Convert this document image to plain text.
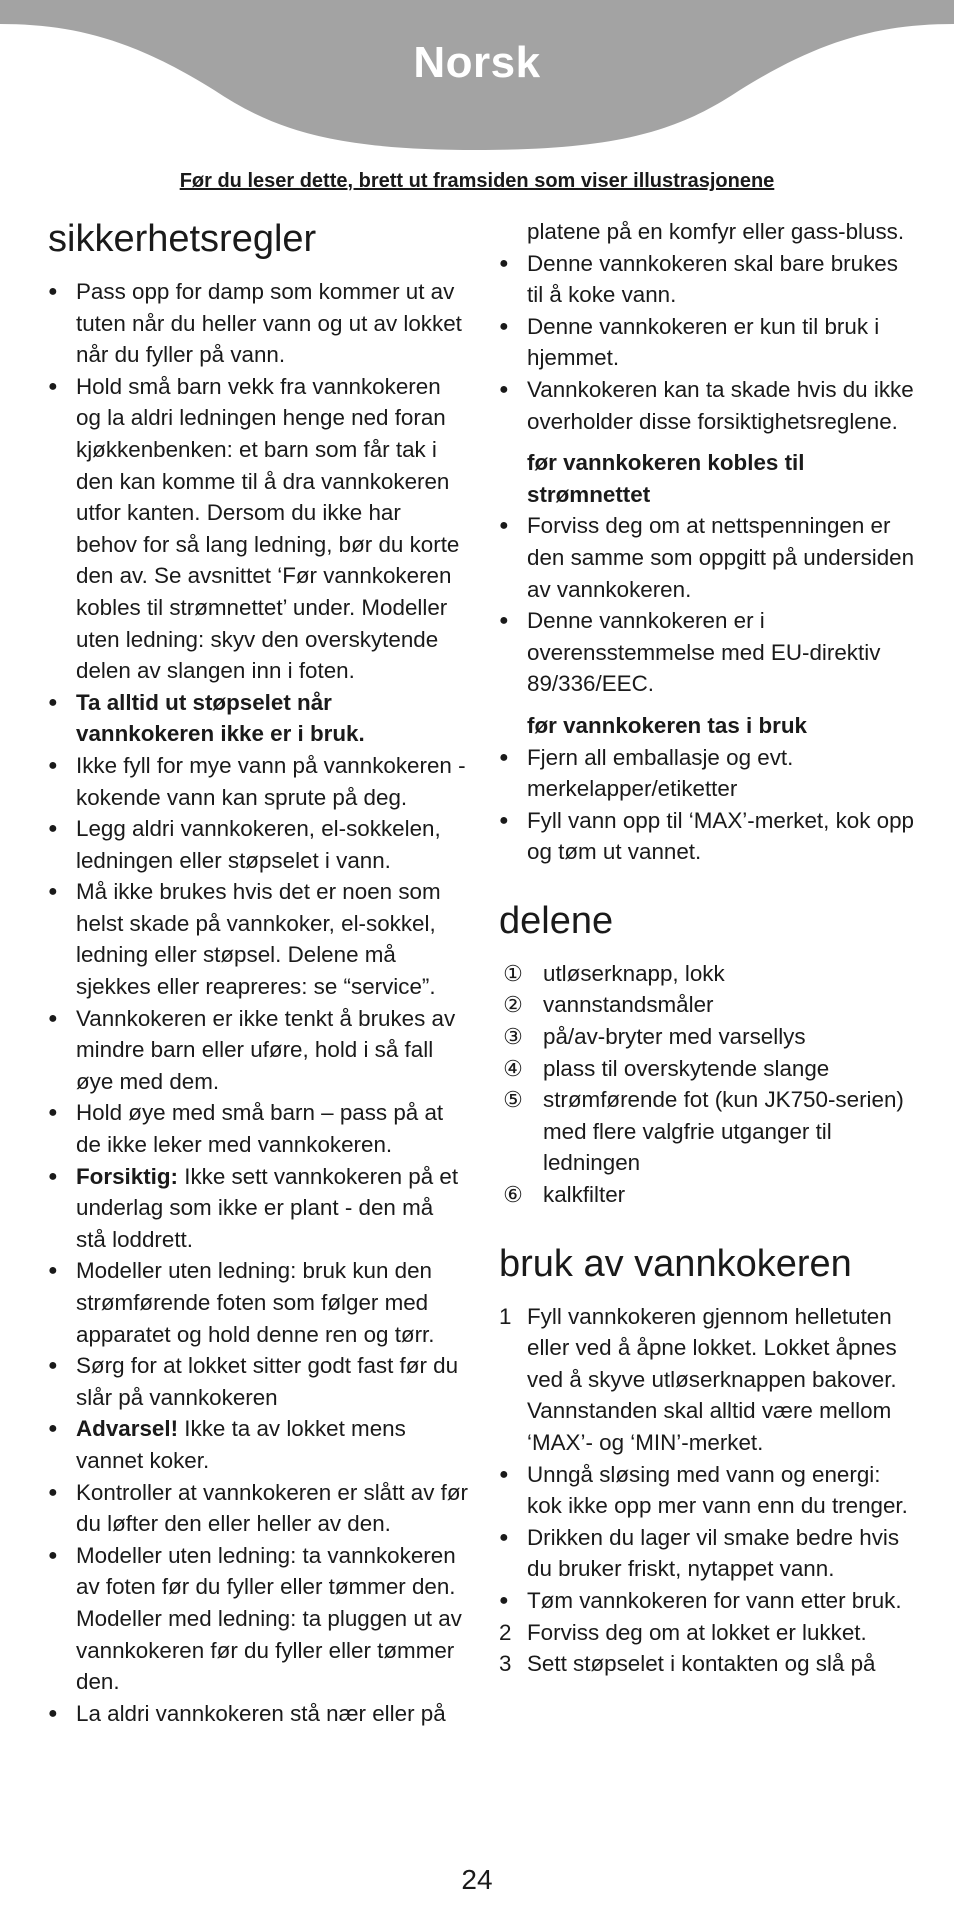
Norsk
Før du leser dette, brett ut framsiden som viser illustrasjonene
sikkerhetsregler
● Pass opp for damp som kommer ut av tuten når du heller vann og ut av lokket når du fyller på vann.
● Hold små barn vekk fra vannkokeren og la aldri ledningen henge ned foran kjøkkenbenken: et barn som får tak i den kan komme til å dra vannkokeren utfor kanten. Dersom du ikke har behov for så lang ledning, bør du korte den av. Se avsnittet ‘Før vannkokeren kobles til strømnettet’ under. Modeller uten ledning: skyv den overskytende delen av slangen inn i foten.
● Ta alltid ut støpselet når vannkokeren ikke er i bruk.
● Ikke fyll for mye vann på vannkokeren - kokende vann kan sprute på deg.
● Legg aldri vannkokeren, el-sokkelen, ledningen eller støpselet i vann.
● Må ikke brukes hvis det er noen som helst skade på vannkoker, el-sokkel, ledning eller støpsel. Delene må sjekkes eller reapreres: se “service”.
● Vannkokeren er ikke tenkt å brukes av mindre barn eller uføre, hold i så fall øye med dem.
● Hold øye med små barn – pass på at de ikke leker med vannkokeren.
● Forsiktig: Ikke sett vannkokeren på et underlag som ikke er plant - den må stå loddrett.
● Modeller uten ledning: bruk kun den strømførende foten som følger med apparatet og hold denne ren og tørr.
● Sørg for at lokket sitter godt fast før du slår på vannkokeren
● Advarsel! Ikke ta av lokket mens vannet koker.
● Kontroller at vannkokeren er slått av før du løfter den eller heller av den.
● Modeller uten ledning: ta vannkokeren av foten før du fyller eller tømmer den. Modeller med ledning: ta pluggen ut av vannkokeren før du fyller eller tømmer den.
● La aldri vannkokeren stå nær eller på
platene på en komfyr eller gass-bluss.
● Denne vannkokeren skal bare brukes til å koke vann.
● Denne vannkokeren er kun til bruk i hjemmet.
● Vannkokeren kan ta skade hvis du ikke overholder disse forsiktighetsreglene.
før vannkokeren kobles til strømnettet
● Forviss deg om at nettspenningen er den samme som oppgitt på undersiden av vannkokeren.
● Denne vannkokeren er i overensstemmelse med EU-direktiv 89/336/EEC.
før vannkokeren tas i bruk
● Fjern all emballasje og evt. merkelapper/etiketter
● Fyll vann opp til ‘MAX’-merket, kok opp og tøm ut vannet.
delene
① utløserknapp, lokk
② vannstandsmåler
③ på/av-bryter med varsellys
④ plass til overskytende slange
⑤ strømførende fot (kun JK750-serien) med flere valgfrie utganger til ledningen
⑥ kalkfilter
bruk av vannkokeren
1 Fyll vannkokeren gjennom helletuten eller ved å åpne lokket. Lokket åpnes ved å skyve utløserknappen bakover. Vannstanden skal alltid være mellom ‘MAX’- og ‘MIN’-merket.
● Unngå sløsing med vann og energi: kok ikke opp mer vann enn du trenger.
● Drikken du lager vil smake bedre hvis du bruker friskt, nytappet vann.
● Tøm vannkokeren for vann etter bruk.
2 Forviss deg om at lokket er lukket.
3 Sett støpselet i kontakten og slå på
24
